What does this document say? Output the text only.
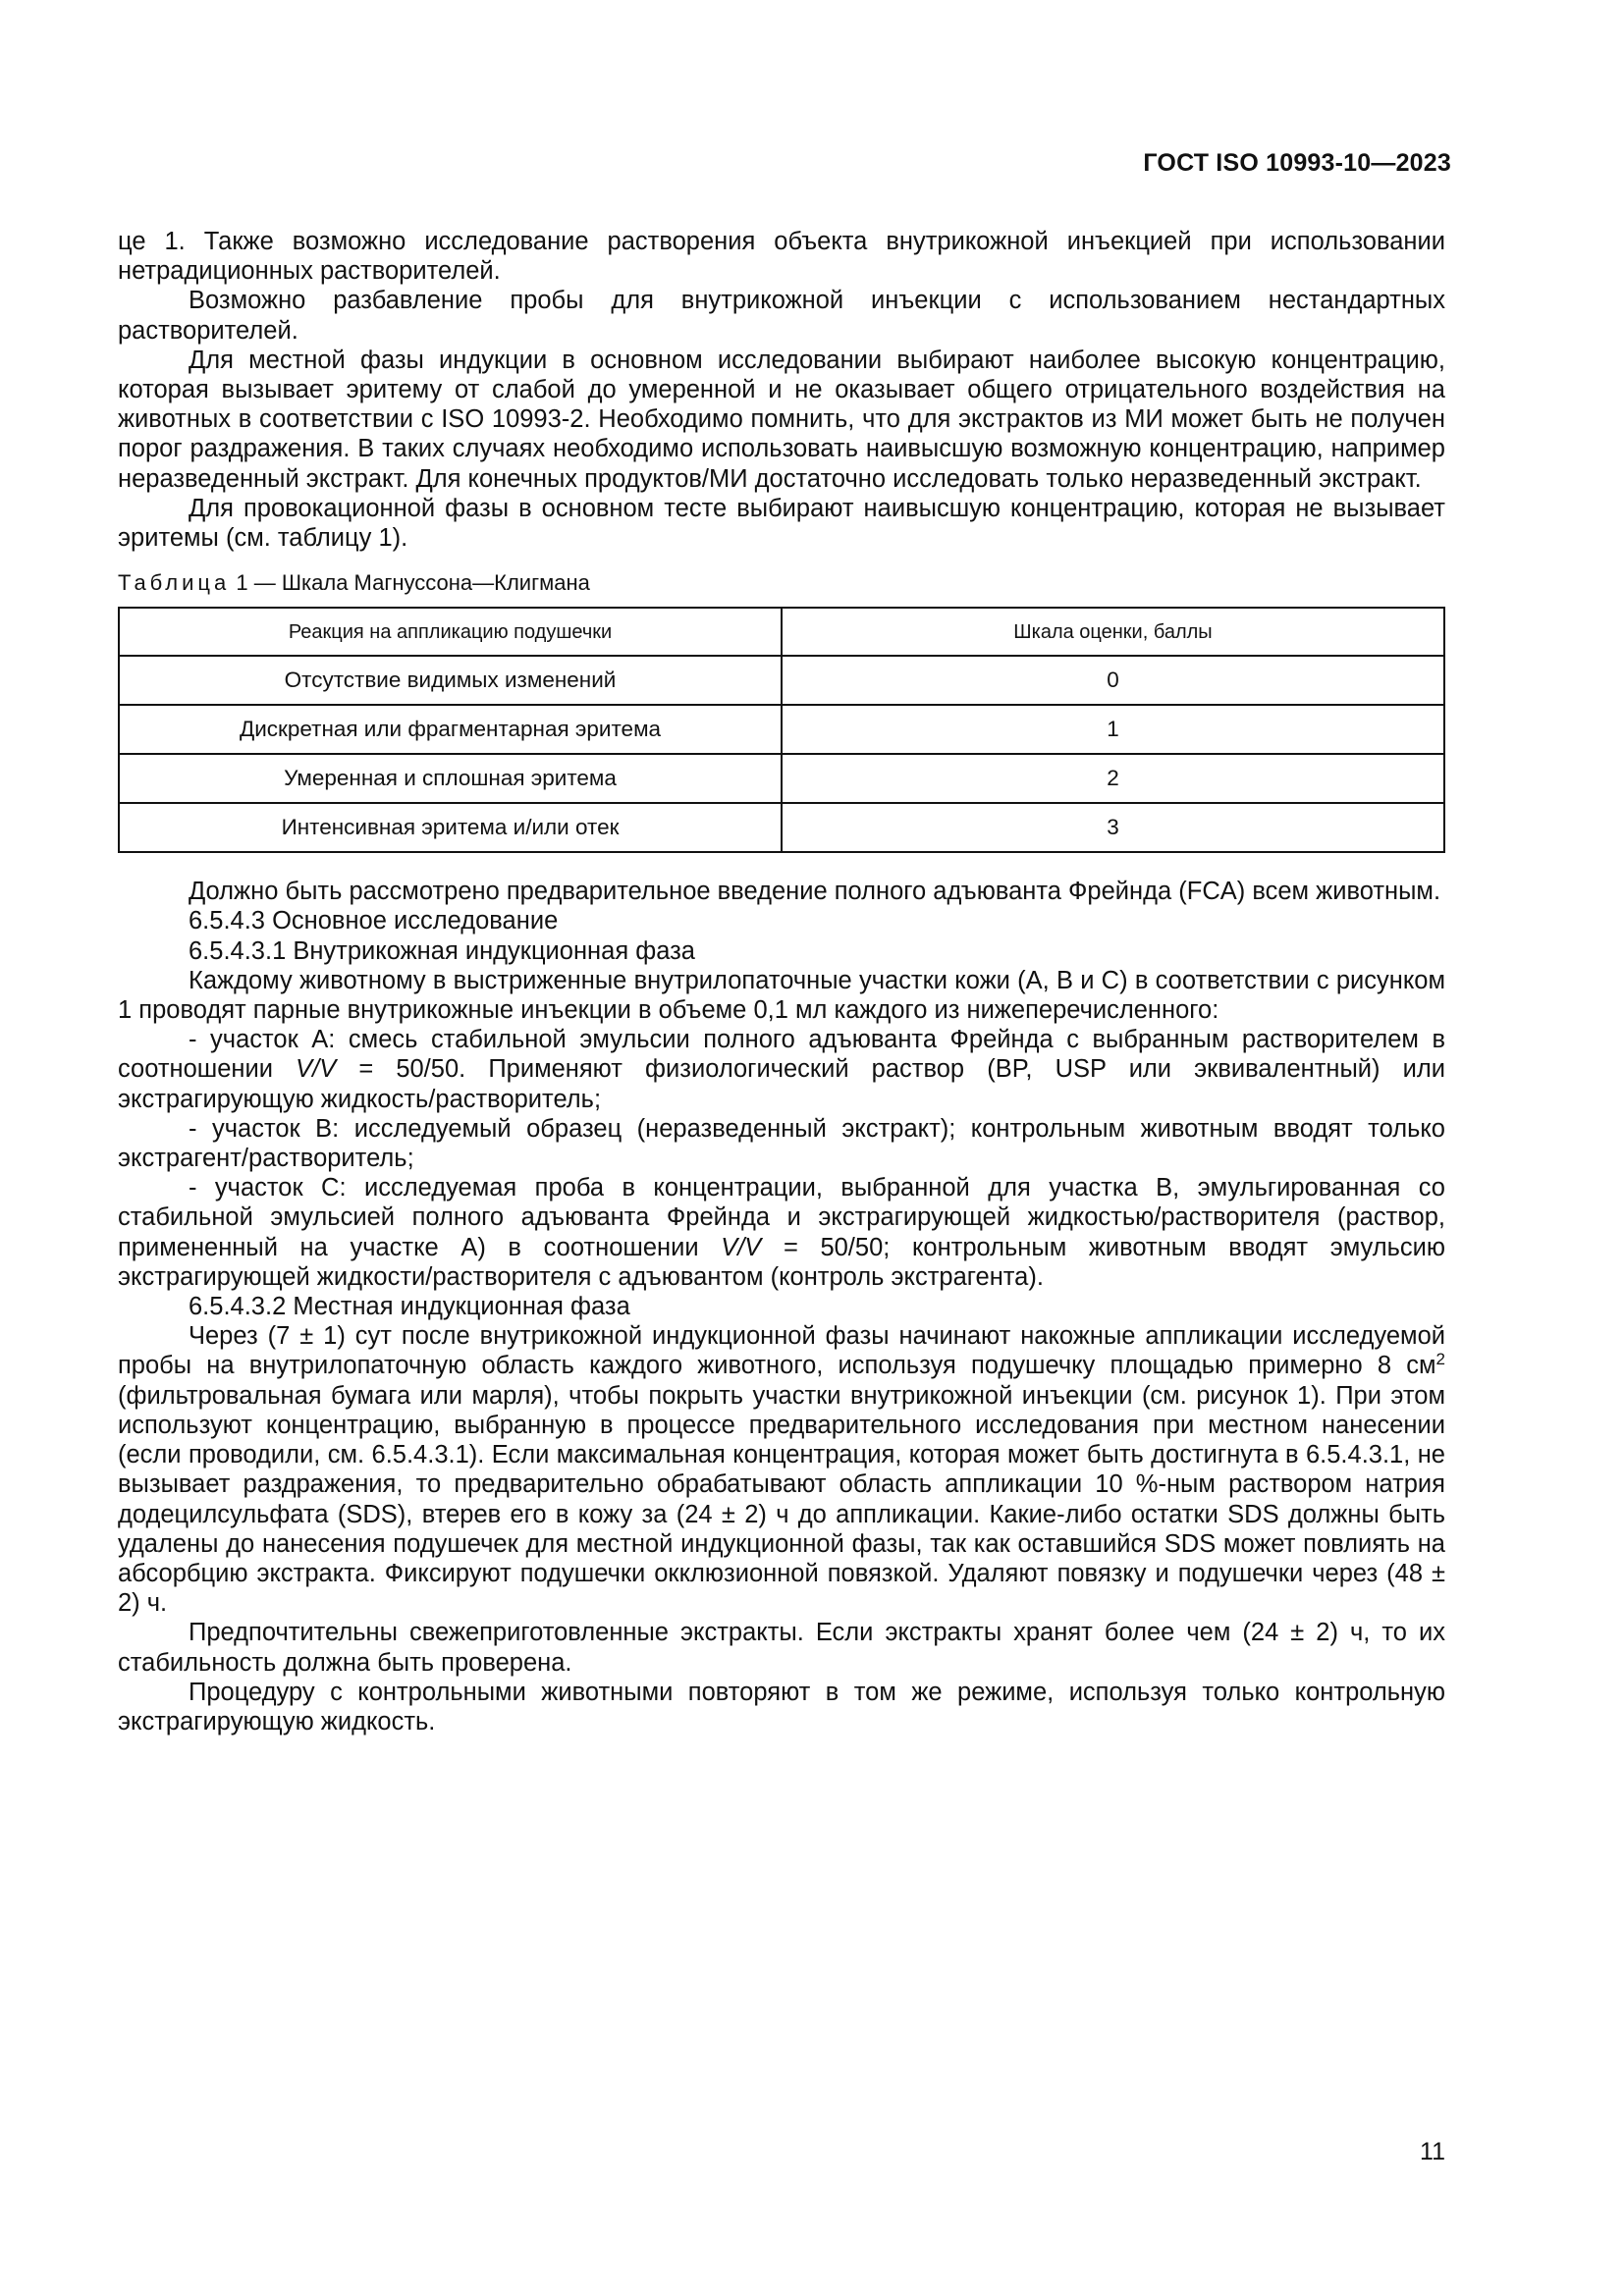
ГОСТ ISO 10993-10—2023

це 1. Также возможно исследование растворения объекта внутрикожной инъекцией при использовании нетрадиционных растворителей.

Возможно разбавление пробы для внутрикожной инъекции с использованием нестандартных растворителей.

Для местной фазы индукции в основном исследовании выбирают наиболее высокую концентрацию, которая вызывает эритему от слабой до умеренной и не оказывает общего отрицательного воздействия на животных в соответствии с ISO 10993-2. Необходимо помнить, что для экстрактов из МИ может быть не получен порог раздражения. В таких случаях необходимо использовать наивысшую возможную концентрацию, например неразведенный экстракт. Для конечных продуктов/МИ достаточно исследовать только неразведенный экстракт.

Для провокационной фазы в основном тесте выбирают наивысшую концентрацию, которая не вызывает эритемы (см. таблицу 1).

Таблица 1 — Шкала Магнуссона—Клигмана
Реакция на аппликацию подушечки	Шкала оценки, баллы
Отсутствие видимых изменений	0
Дискретная или фрагментарная эритема	1
Умеренная и сплошная эритема	2
Интенсивная эритема и/или отек	3

Должно быть рассмотрено предварительное введение полного адъюванта Фрейнда (FCA) всем животным.

6.5.4.3 Основное исследование

6.5.4.3.1 Внутрикожная индукционная фаза

Каждому животному в выстриженные внутрилопаточные участки кожи (A, B и C) в соответствии с рисунком 1 проводят парные внутрикожные инъекции в объеме 0,1 мл каждого из нижеперечисленного:

- участок A: смесь стабильной эмульсии полного адъюванта Фрейнда с выбранным растворителем в соотношении V/V = 50/50. Применяют физиологический раствор (BP, USP или эквивалентный) или экстрагирующую жидкость/растворитель;

- участок B: исследуемый образец (неразведенный экстракт); контрольным животным вводят только экстрагент/растворитель;

- участок C: исследуемая проба в концентрации, выбранной для участка B, эмульгированная со стабильной эмульсией полного адъюванта Фрейнда и экстрагирующей жидкостью/растворителя (раствор, примененный на участке A) в соотношении V/V = 50/50; контрольным животным вводят эмульсию экстрагирующей жидкости/растворителя с адъювантом (контроль экстрагента).

6.5.4.3.2 Местная индукционная фаза

Через (7 ± 1) сут после внутрикожной индукционной фазы начинают накожные аппликации исследуемой пробы на внутрилопаточную область каждого животного, используя подушечку площадью примерно 8 $см^2$ (фильтровальная бумага или марля), чтобы покрыть участки внутрикожной инъекции (см. рисунок 1). При этом используют концентрацию, выбранную в процессе предварительного исследования при местном нанесении (если проводили, см. 6.5.4.3.1). Если максимальная концентрация, которая может быть достигнута в 6.5.4.3.1, не вызывает раздражения, то предварительно обрабатывают область аппликации 10 %-ным раствором натрия додецилсульфата (SDS), втерев его в кожу за (24 ± 2) ч до аппликации. Какие-либо остатки SDS должны быть удалены до нанесения подушечек для местной индукционной фазы, так как оставшийся SDS может повлиять на абсорбцию экстракта. Фиксируют подушечки окклюзионной повязкой. Удаляют повязку и подушечки через (48 ± 2) ч.

Предпочтительны свежеприготовленные экстракты. Если экстракты хранят более чем (24 ± 2) ч, то их стабильность должна быть проверена.

Процедуру с контрольными животными повторяют в том же режиме, используя только контрольную экстрагирующую жидкость.

11
